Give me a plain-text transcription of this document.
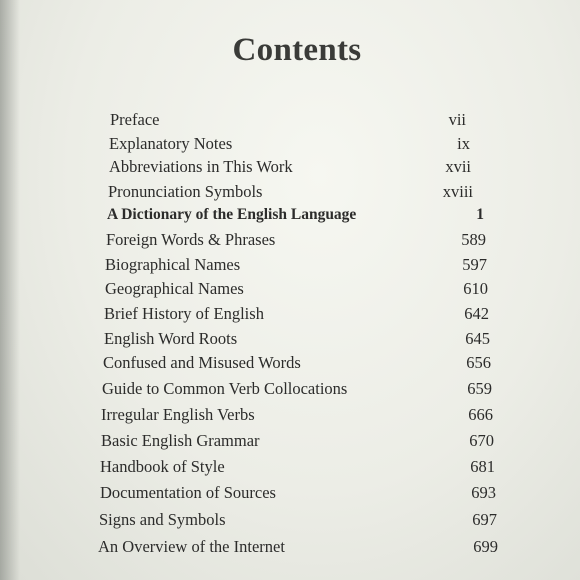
Contents
Preface	vii
Explanatory Notes	ix
Abbreviations in This Work	xvii
Pronunciation Symbols	xviii
A Dictionary of the English Language	1
Foreign Words & Phrases	589
Biographical Names	597
Geographical Names	610
Brief History of English	642
English Word Roots	645
Confused and Misused Words	656
Guide to Common Verb Collocations	659
Irregular English Verbs	666
Basic English Grammar	670
Handbook of Style	681
Documentation of Sources	693
Signs and Symbols	697
An Overview of the Internet	699
